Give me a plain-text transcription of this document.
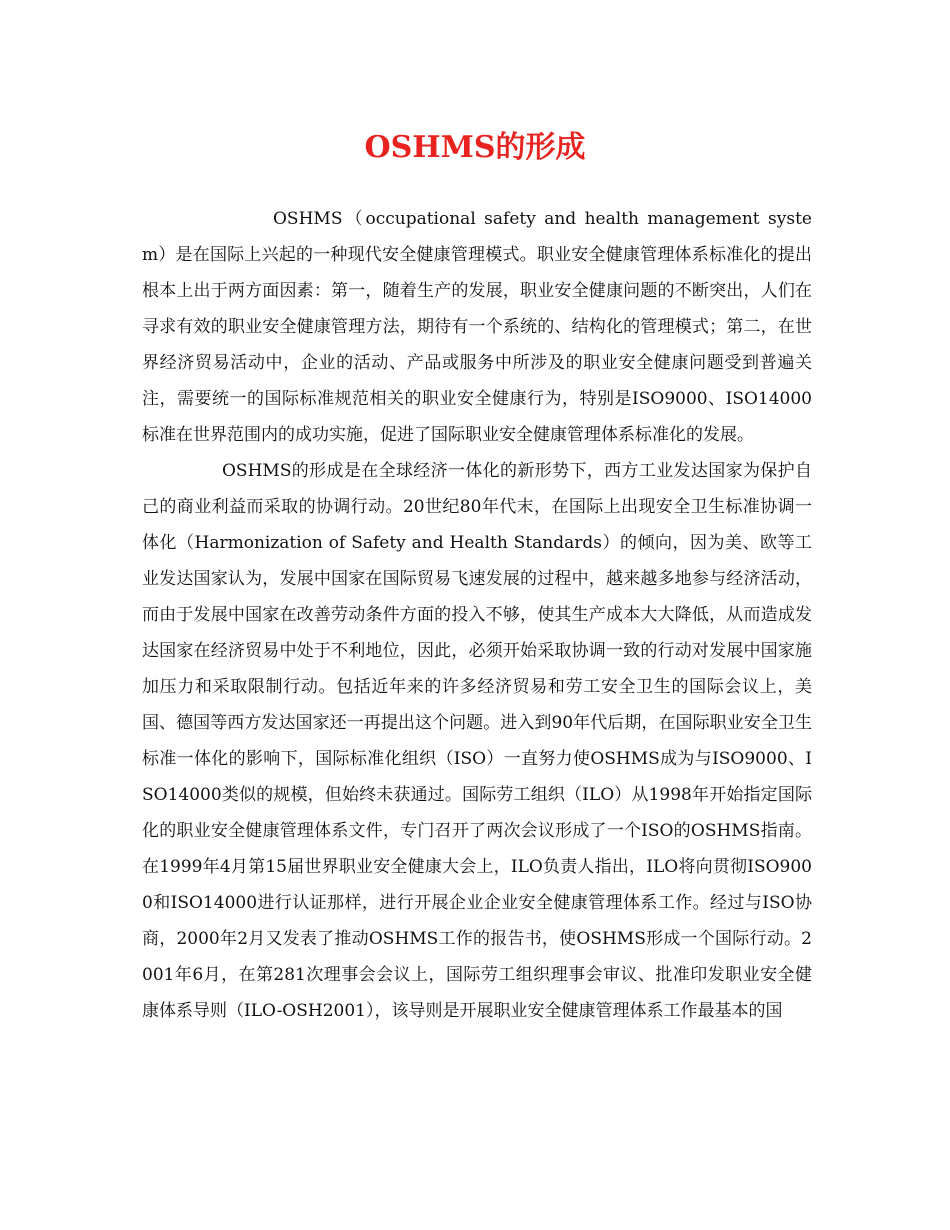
OSHMS的形成

OSHMS（occupational safety and health management system）是在国际上兴起的一种现代安全健康管理模式。职业安全健康管理体系标准化的提出根本上出于两方面因素：第一，随着生产的发展，职业安全健康问题的不断突出，人们在寻求有效的职业安全健康管理方法，期待有一个系统的、结构化的管理模式；第二，在世界经济贸易活动中，企业的活动、产品或服务中所涉及的职业安全健康问题受到普遍关注，需要统一的国际标准规范相关的职业安全健康行为，特别是ISO9000、ISO14000 标准在世界范围内的成功实施，促进了国际职业安全健康管理体系标准化的发展。

OSHMS的形成是在全球经济一体化的新形势下，西方工业发达国家为保护自己的商业利益而采取的协调行动。20世纪80年代末，在国际上出现安全卫生标准协调一体化（Harmonization of Safety and Health Standards）的倾向，因为美、欧等工业发达国家认为，发展中国家在国际贸易飞速发展的过程中，越来越多地参与经济活动，而由于发展中国家在改善劳动条件方面的投入不够，使其生产成本大大降低，从而造成发达国家在经济贸易中处于不利地位，因此，必须开始采取协调一致的行动对发展中国家施加压力和采取限制行动。包括近年来的许多经济贸易和劳工安全卫生的国际会议上，美国、德国等西方发达国家还一再提出这个问题。进入到90年代后期，在国际职业安全卫生标准一体化的影响下，国际标准化组织（ISO）一直努力使OSHMS成为与ISO9000、ISO14000类似的规模，但始终未获通过。国际劳工组织（ILO）从1998年开始指定国际化的职业安全健康管理体系文件，专门召开了两次会议形成了一个ISO的OSHMS指南。在1999年4月第15届世界职业安全健康大会上，ILO负责人指出，ILO将向贯彻ISO9000和ISO14000进行认证那样，进行开展企业企业安全健康管理体系工作。经过与ISO协商，2000年2月又发表了推动OSHMS工作的报告书，使OSHMS形成一个国际行动。2001年6月，在第281次理事会会议上，国际劳工组织理事会审议、批准印发职业安全健康体系导则（ILO-OSH2001），该导则是开展职业安全健康管理体系工作最基本的国
